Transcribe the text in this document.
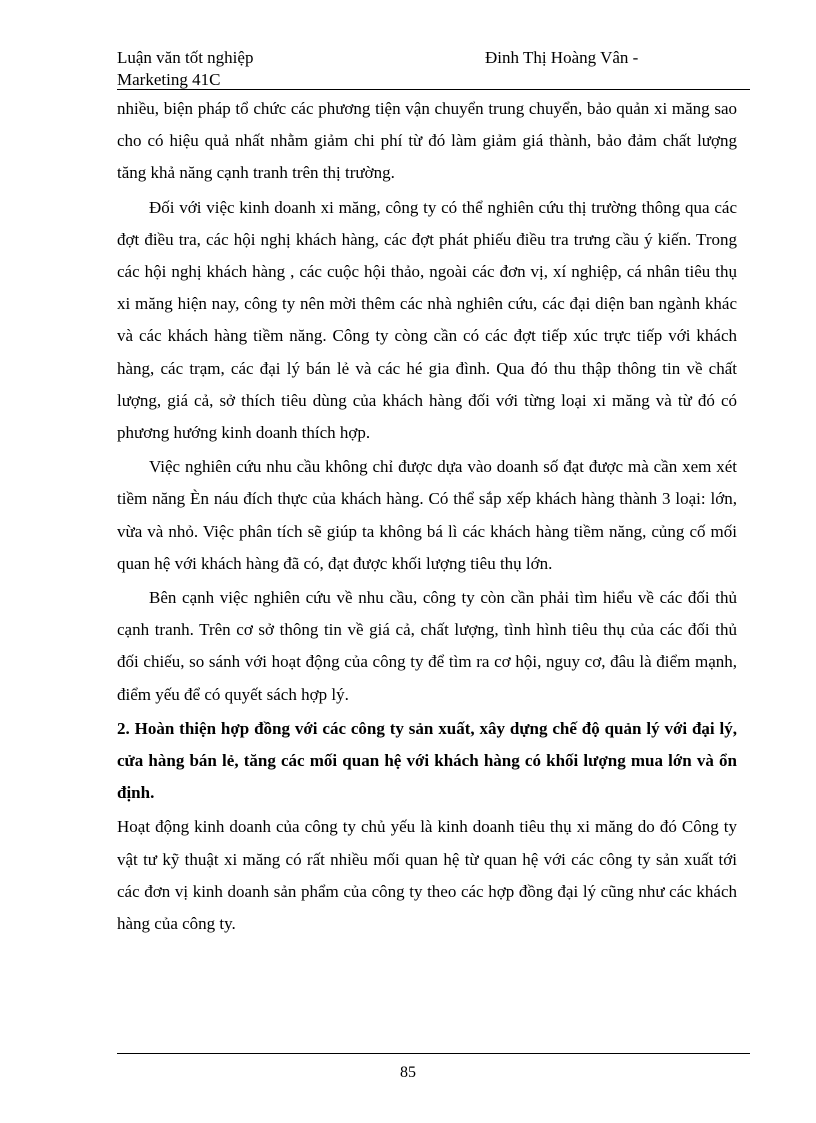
Luận văn tốt nghiệp
Marketing 41C
Đinh Thị Hoàng Vân -

nhiều, biện pháp tổ chức các phương tiện vận chuyển trung chuyển, bảo quản xi măng sao cho có hiệu quả nhất nhằm giảm chi phí từ đó làm giảm giá thành, bảo đảm chất lượng tăng khả năng cạnh tranh trên thị trường.

Đối với việc kinh doanh xi măng, công ty có thể nghiên cứu thị trường thông qua các đợt điều tra, các hội nghị khách hàng, các đợt phát phiếu điều tra trưng cầu ý kiến. Trong các hội nghị khách hàng , các cuộc hội thảo, ngoài các đơn vị, xí nghiệp, cá nhân tiêu thụ xi măng hiện nay, công ty nên mời thêm các nhà nghiên cứu, các đại diện ban ngành khác và các khách hàng tiềm năng. Công ty còng cần có các đợt tiếp xúc trực tiếp với khách hàng, các trạm, các đại lý bán lẻ và các hé gia đình. Qua đó thu thập thông tin về chất lượng, giá cả, sở thích tiêu dùng của khách hàng đối với từng loại xi măng và từ đó có phương hướng kinh doanh thích hợp.

Việc nghiên cứu nhu cầu không chỉ được dựa vào doanh số đạt được mà cần xem xét tiềm năng Èn náu đích thực của khách hàng. Có thể sắp xếp khách hàng thành 3 loại: lớn, vừa và nhỏ. Việc phân tích sẽ giúp ta không bá lì các khách hàng tiềm năng, củng cố mối quan hệ với khách hàng đã có, đạt được khối lượng tiêu thụ lớn.

Bên cạnh việc nghiên cứu về nhu cầu, công ty còn cần phải tìm hiểu về các đối thủ cạnh tranh. Trên cơ sở thông tin về giá cả, chất lượng, tình hình tiêu thụ của các đối thủ đối chiếu, so sánh với hoạt động của công ty để tìm ra cơ hội, nguy cơ, đâu là điểm mạnh, điểm yếu để có quyết sách hợp lý.

2. Hoàn thiện hợp đồng với các công ty sản xuất, xây dựng chế độ quản lý với đại lý, cửa hàng bán lẻ, tăng các mối quan hệ với khách hàng có khối lượng mua lớn và ổn định.

Hoạt động kinh doanh của công ty chủ yếu là kinh doanh tiêu thụ xi măng do đó Công ty vật tư kỹ thuật xi măng có rất nhiều mối quan hệ từ quan hệ với các công ty sản xuất tới các đơn vị kinh doanh sản phẩm của công ty theo các hợp đồng đại lý cũng như các khách hàng của công ty.

85
